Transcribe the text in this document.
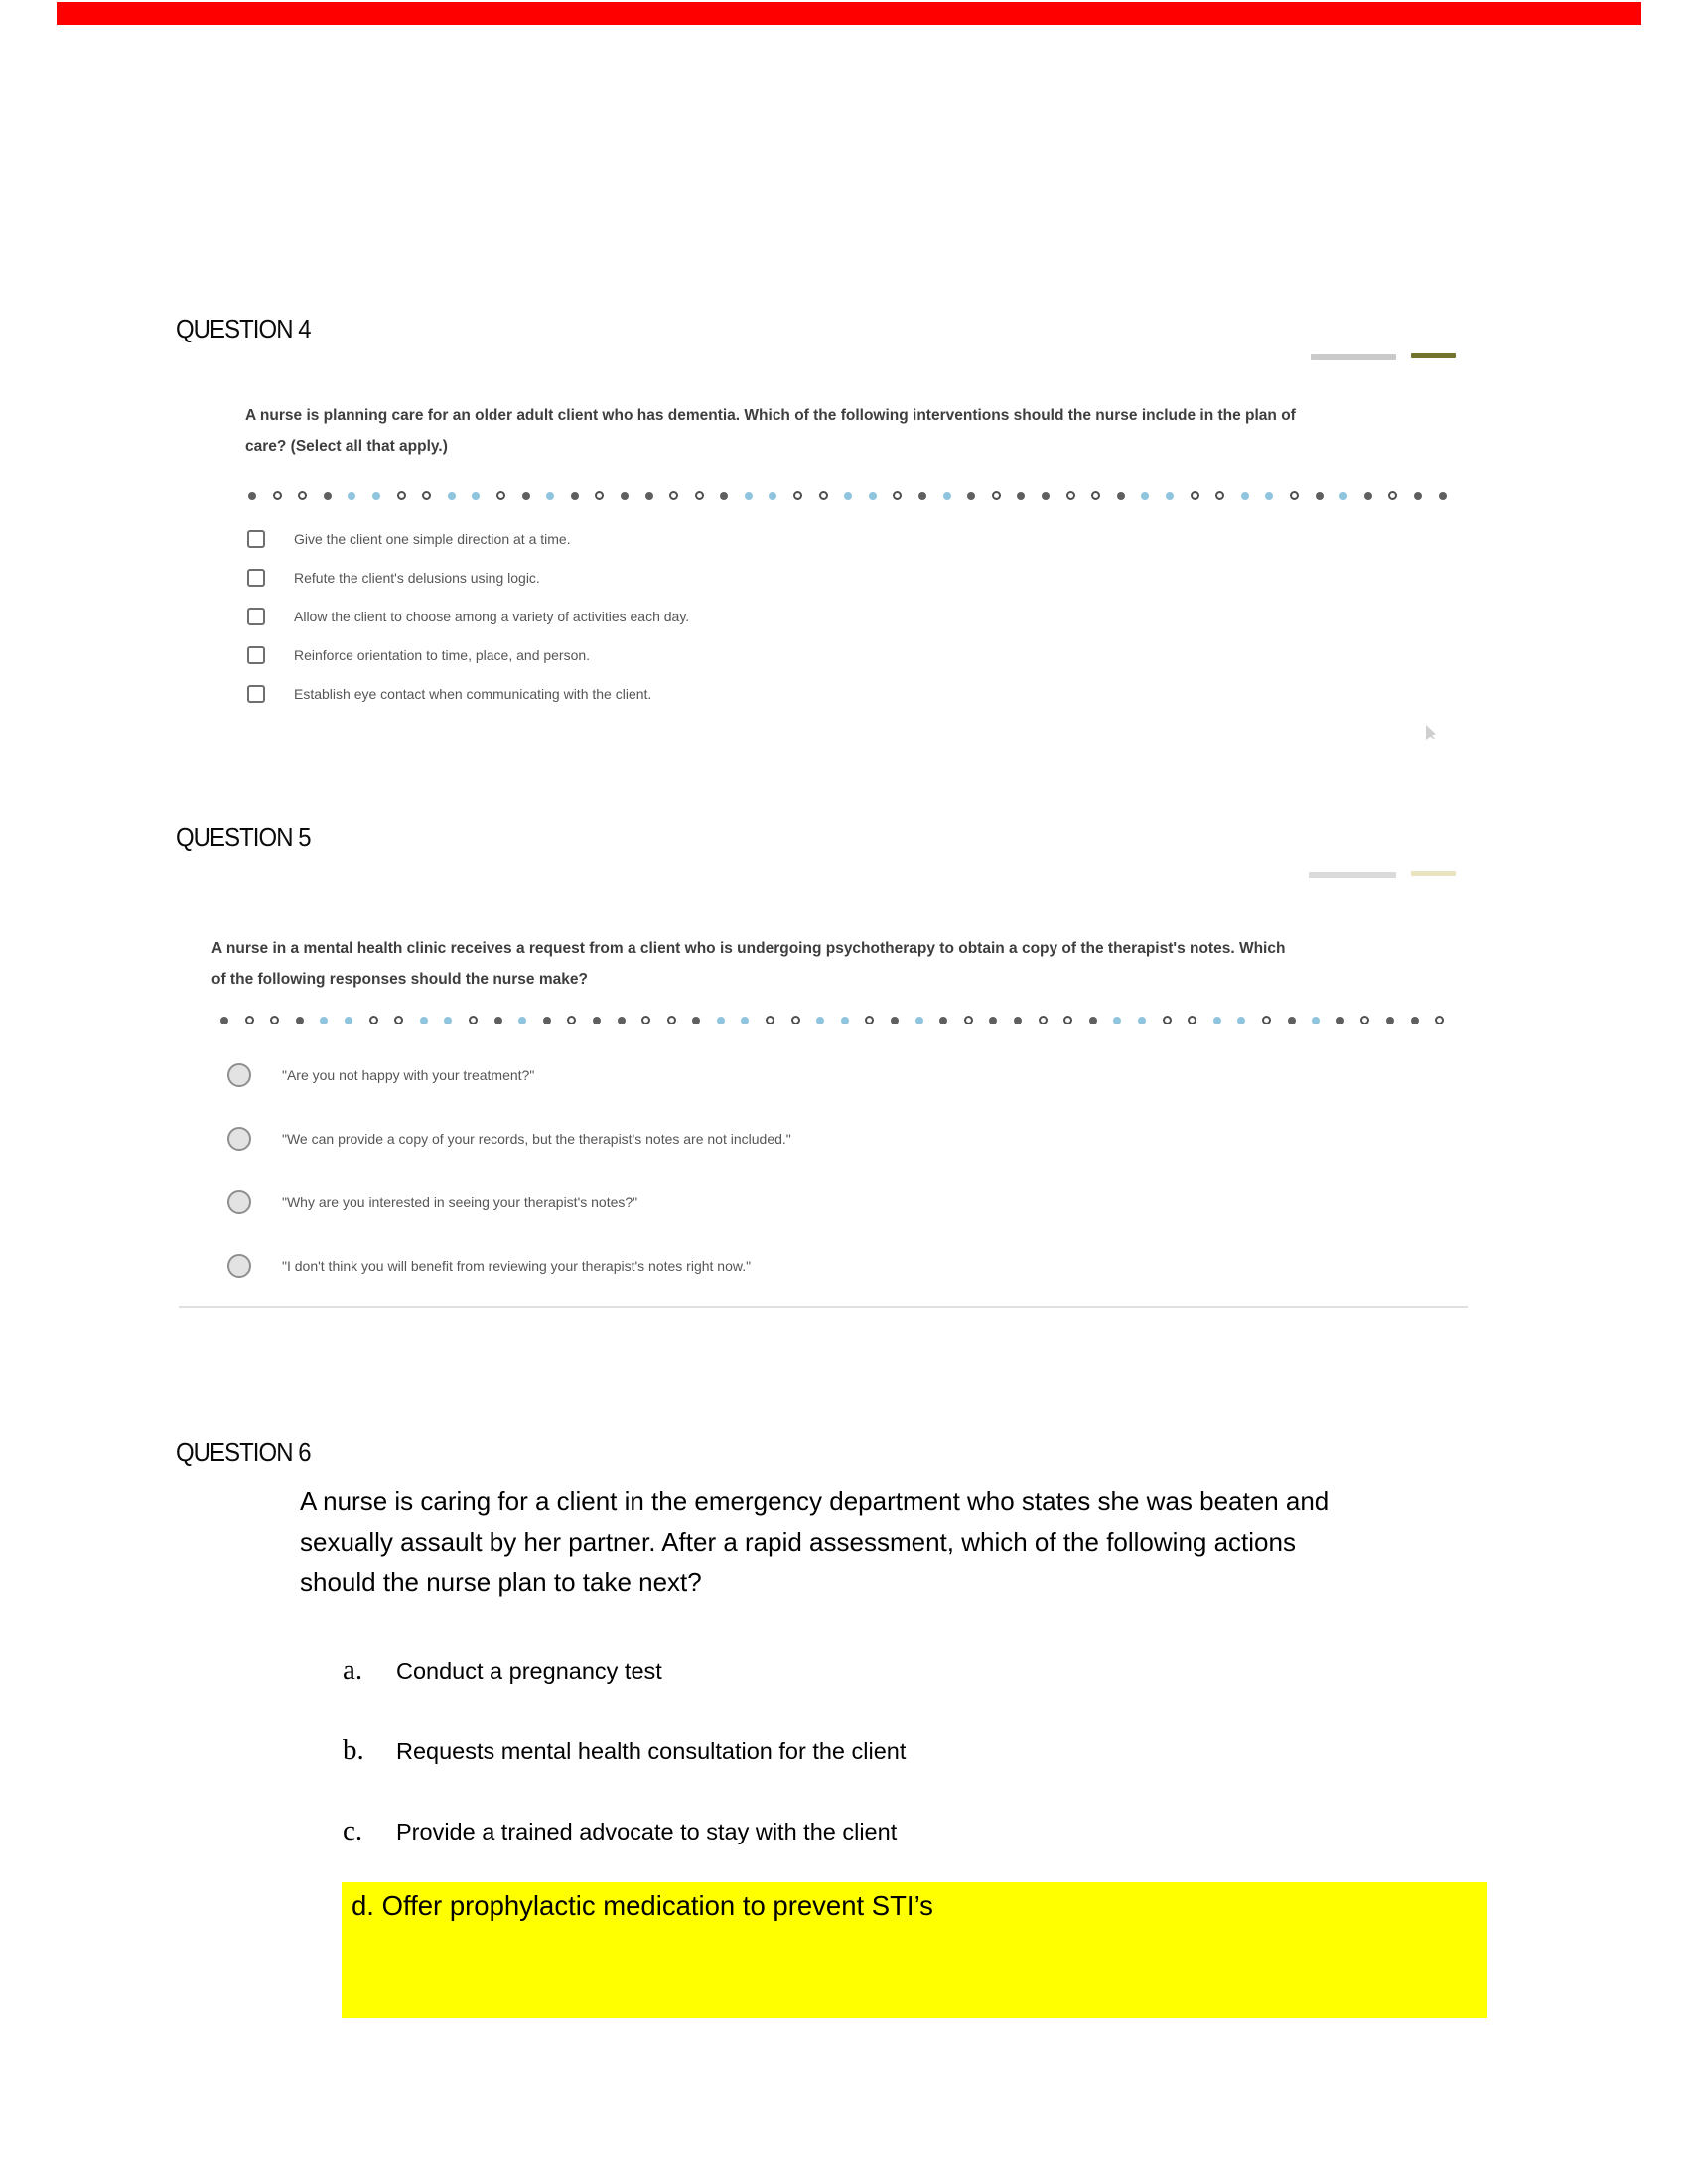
QUESTION 4
A nurse is planning care for an older adult client who has dementia. Which of the following interventions should the nurse include in the plan of
care? (Select all that apply.)
Give the client one simple direction at a time.
Refute the client's delusions using logic.
Allow the client to choose among a variety of activities each day.
Reinforce orientation to time, place, and person.
Establish eye contact when communicating with the client.
QUESTION 5
A nurse in a mental health clinic receives a request from a client who is undergoing psychotherapy to obtain a copy of the therapist's notes. Which
of the following responses should the nurse make?
"Are you not happy with your treatment?"
"We can provide a copy of your records, but the therapist's notes are not included."
"Why are you interested in seeing your therapist's notes?"
"I don't think you will benefit from reviewing your therapist's notes right now."
QUESTION 6
A nurse is caring for a client in the emergency department who states she was beaten and
sexually assault by her partner. After a rapid assessment, which of the following actions
should the nurse plan to take next?
a.	Conduct a pregnancy test
b.	Requests mental health consultation for the client
c.	Provide a trained advocate to stay with the client
d. Offer prophylactic medication to prevent STI’s
